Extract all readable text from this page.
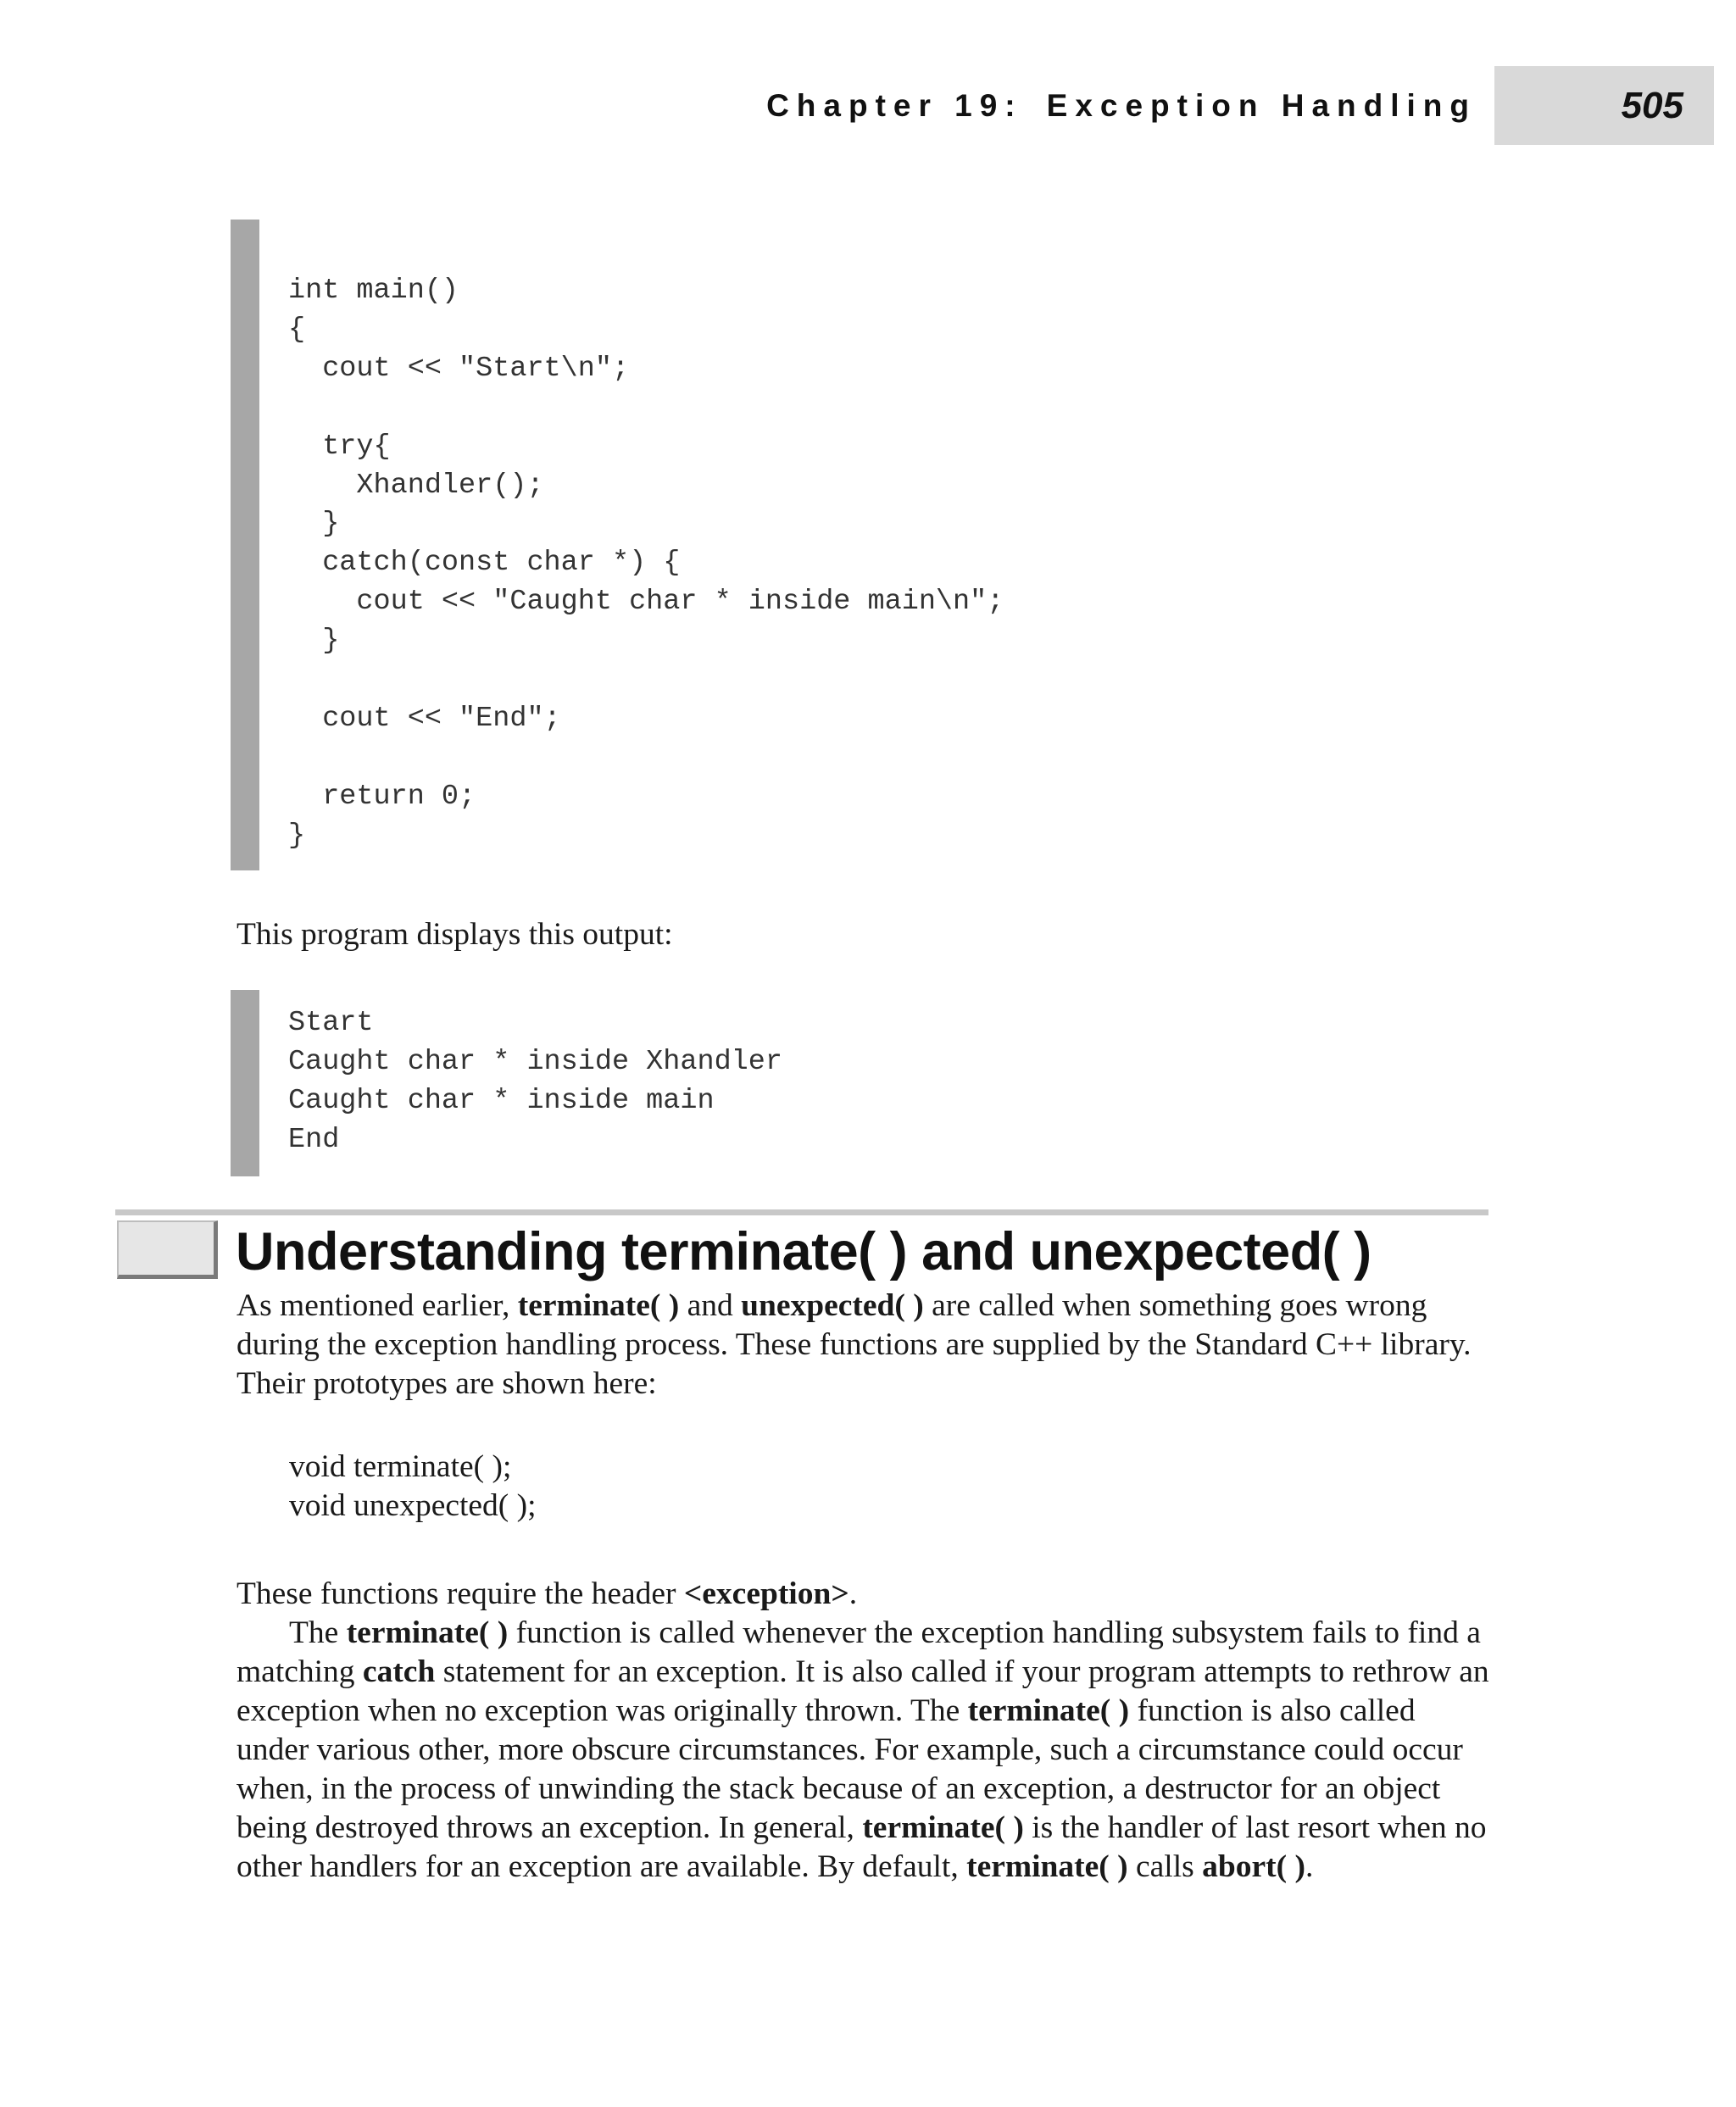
Chapter 19: Exception Handling	505
int main()
{
cout << "Start\n";

try{
Xhandler();
}
catch(const char *) {
cout << "Caught char * inside main\n";
}

cout << "End";

return 0;
}
This program displays this output:
Start
Caught char * inside Xhandler
Caught char * inside main
End
Understanding terminate( ) and unexpected( )
As mentioned earlier, terminate( ) and unexpected( ) are called when something goes wrong during the exception handling process. These functions are supplied by the Standard C++ library. Their prototypes are shown here:
void terminate( );
void unexpected( );
These functions require the header <exception>.
The terminate( ) function is called whenever the exception handling subsystem fails to find a matching catch statement for an exception. It is also called if your program attempts to rethrow an exception when no exception was originally thrown. The terminate( ) function is also called under various other, more obscure circumstances. For example, such a circumstance could occur when, in the process of unwinding the stack because of an exception, a destructor for an object being destroyed throws an exception. In general, terminate( ) is the handler of last resort when no other handlers for an exception are available. By default, terminate( ) calls abort( ).
